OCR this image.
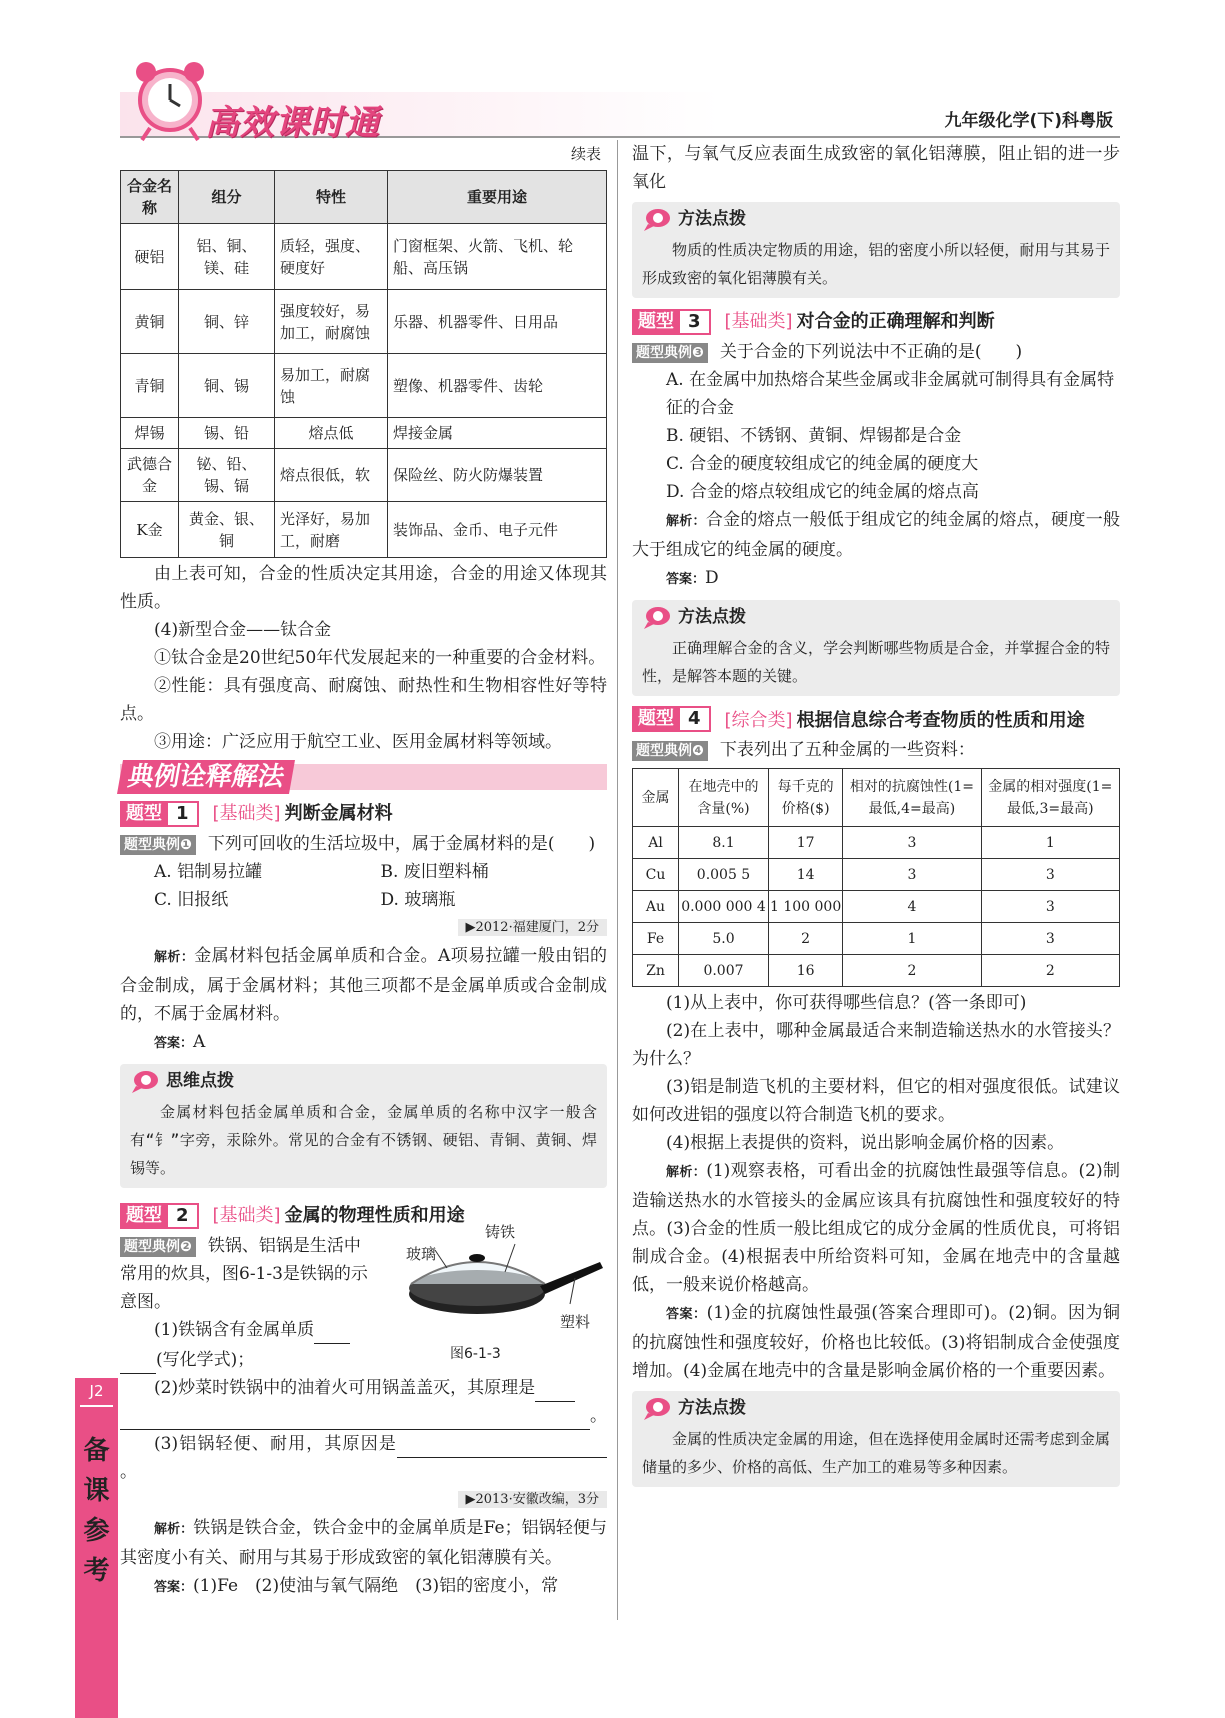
高效课时通	九年级化学(下)科粤版
J2
备
课
参
考
续表
合金名称	组分	特性	重要用途
硬铝	铝、铜、镁、硅	质轻，强度、硬度好	门窗框架、火箭、飞机、轮船、高压锅
黄铜	铜、锌	强度较好，易加工，耐腐蚀	乐器、机器零件、日用品
青铜	铜、锡	易加工，耐腐蚀	塑像、机器零件、齿轮
焊锡	锡、铅	熔点低	焊接金属
武德合金	铋、铅、锡、镉	熔点很低，软	保险丝、防火防爆装置
K金	黄金、银、铜	光泽好，易加工，耐磨	装饰品、金币、电子元件

由上表可知，合金的性质决定其用途，合金的用途又体现其性质。

(4)新型合金——钛合金

①钛合金是20世纪50年代发展起来的一种重要的合金材料。

②性能：具有强度高、耐腐蚀、耐热性和生物相容性好等特点。

③用途：广泛应用于航空工业、医用金属材料等领域。

典例诠释解法
题型 1	[基础类] 判断金属材料

题型典例❶ 下列可回收的生活垃圾中，属于金属材料的是(　　)

A. 铝制易拉罐	B. 废旧塑料桶
C. 旧报纸	D. 玻璃瓶
▶2012·福建厦门，2分

解析：金属材料包括金属单质和合金。A项易拉罐一般由铝的合金制成，属于金属材料；其他三项都不是金属单质或合金制成的，不属于金属材料。

答案：A

思维点拨
金属材料包括金属单质和合金，金属单质的名称中汉字一般含有“钅”字旁，汞除外。常见的合金有不锈钢、硬铝、青铜、黄铜、焊锡等。
题型 2	[基础类] 金属的物理性质和用途
题型典例❷ 铁锅、铝锅是生活中常用的炊具，图6-1-3是铁锅的示意图。
(1)铁锅含有金属单质
玻璃
铸铁
塑料
图6-1-3

(写化学式)；

(2)炒菜时铁锅中的油着火可用锅盖盖灭，其原理是

。

(3)铝锅轻便、耐用，其原因是。

▶2013·安徽改编，3分

解析：铁锅是铁合金，铁合金中的金属单质是Fe；铝锅轻便与其密度小有关、耐用与其易于形成致密的氧化铝薄膜有关。

答案：(1)Fe　(2)使油与氧气隔绝　(3)铝的密度小，常

温下，与氧气反应表面生成致密的氧化铝薄膜，阻止铝的进一步氧化

方法点拨
物质的性质决定物质的用途，铝的密度小所以轻便，耐用与其易于形成致密的氧化铝薄膜有关。
题型 3	[基础类] 对合金的正确理解和判断

题型典例❸ 关于合金的下列说法中不正确的是(　　)

A. 在金属中加热熔合某些金属或非金属就可制得具有金属特征的合金

B. 硬铝、不锈钢、黄铜、焊锡都是合金

C. 合金的硬度较组成它的纯金属的硬度大

D. 合金的熔点较组成它的纯金属的熔点高

解析：合金的熔点一般低于组成它的纯金属的熔点，硬度一般大于组成它的纯金属的硬度。

答案：D

方法点拨
正确理解合金的含义，学会判断哪些物质是合金，并掌握合金的特性，是解答本题的关键。
题型 4	[综合类] 根据信息综合考查物质的性质和用途

题型典例❹ 下表列出了五种金属的一些资料：

金属	在地壳中的含量(%)	每千克的价格($)	相对的抗腐蚀性(1=最低,4=最高)	金属的相对强度(1=最低,3=最高)
Al	8.1	17	3	1
Cu	0.005 5	14	3	3
Au	0.000 000 4	1 100 000	4	3
Fe	5.0	2	1	3
Zn	0.007	16	2	2

(1)从上表中，你可获得哪些信息？(答一条即可)

(2)在上表中，哪种金属最适合来制造输送热水的水管接头？为什么？

(3)铝是制造飞机的主要材料，但它的相对强度很低。试建议如何改进铝的强度以符合制造飞机的要求。

(4)根据上表提供的资料，说出影响金属价格的因素。

解析：(1)观察表格，可看出金的抗腐蚀性最强等信息。(2)制造输送热水的水管接头的金属应该具有抗腐蚀性和强度较好的特点。(3)合金的性质一般比组成它的成分金属的性质优良，可将铝制成合金。(4)根据表中所给资料可知，金属在地壳中的含量越低，一般来说价格越高。

答案：(1)金的抗腐蚀性最强(答案合理即可)。(2)铜。因为铜的抗腐蚀性和强度较好，价格也比较低。(3)将铝制成合金使强度增加。(4)金属在地壳中的含量是影响金属价格的一个重要因素。

方法点拨
金属的性质决定金属的用途，但在选择使用金属时还需考虑到金属储量的多少、价格的高低、生产加工的难易等多种因素。
